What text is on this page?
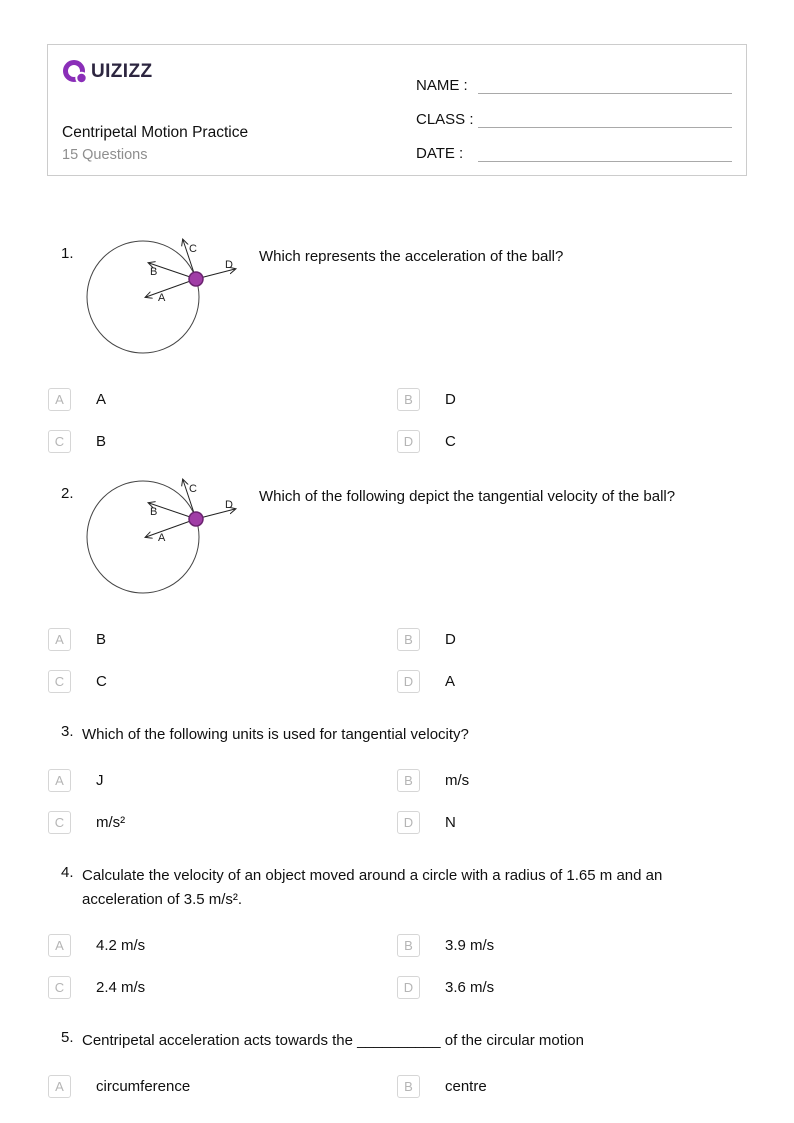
UIZIZZ
Centripetal Motion Practice
15 Questions
NAME :
CLASS :
DATE :
1.	C
D
B
A
Which represents the acceleration of the ball?
A	A	B	D
C	B	D	C
2.	C
D
B
A
Which of the following depict the tangential velocity of the ball?
A	B	B	D
C	C	D	A
3. Which of the following units is used for tangential velocity?
A	J	B	m/s
C	m/s²	D	N
4. Calculate the velocity of an object moved around a circle with a radius of 1.65 m and an acceleration of 3.5 m/s².
A	4.2 m/s	B	3.9 m/s
C	2.4 m/s	D	3.6 m/s
5. Centripetal acceleration acts towards the __________ of the circular motion
A	circumference	B	centre
